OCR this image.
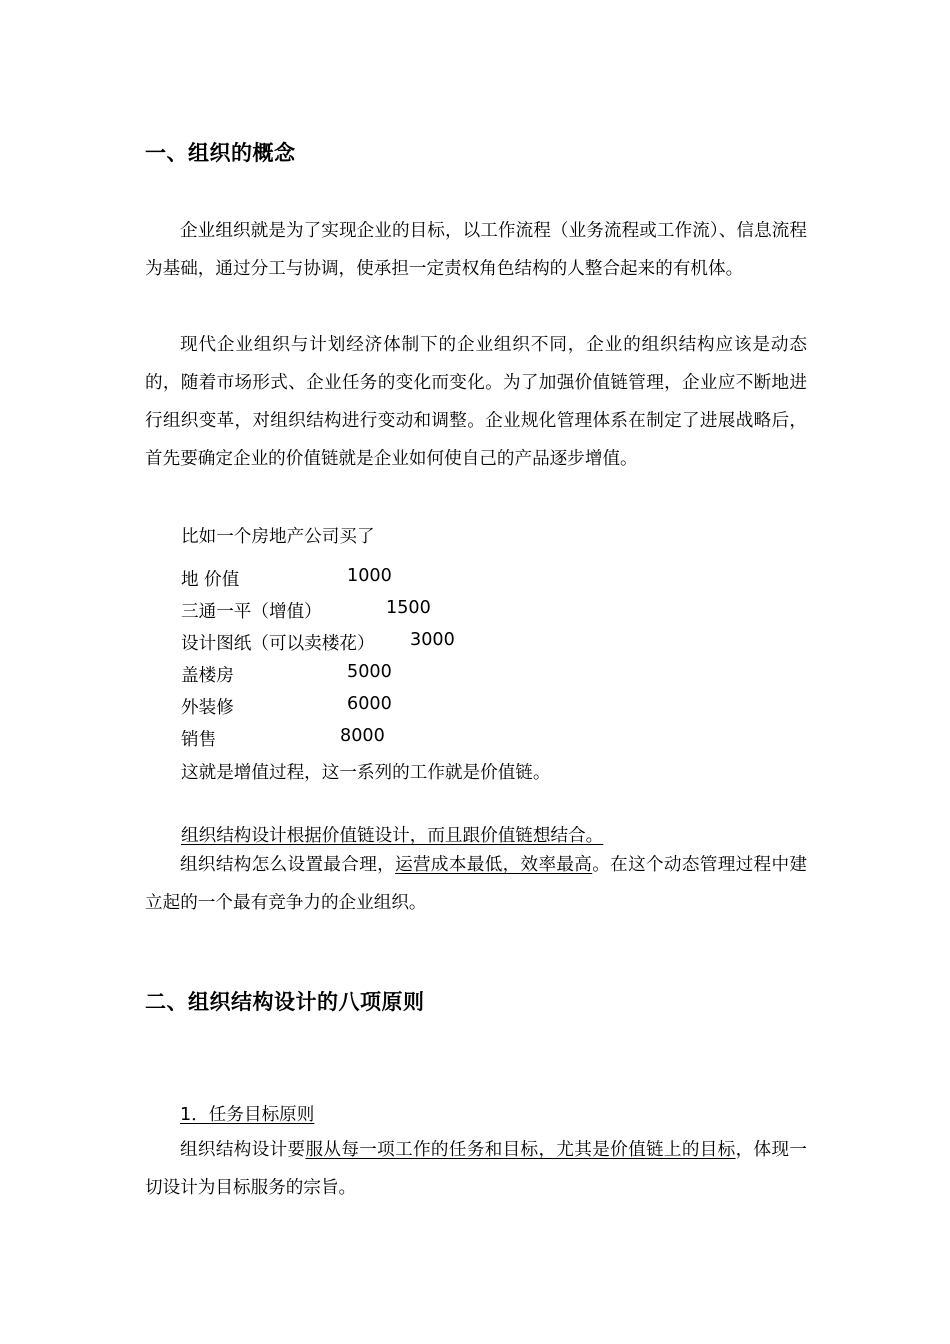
一、组织的概念

企业组织就是为了实现企业的目标，以工作流程（业务流程或工作流）、信息流程为基础，通过分工与协调，使承担一定责权角色结构的人整合起来的有机体。

现代企业组织与计划经济体制下的企业组织不同，企业的组织结构应该是动态的，随着市场形式、企业任务的变化而变化。为了加强价值链管理，企业应不断地进行组织变革，对组织结构进行变动和调整。企业规化管理体系在制定了进展战略后，首先要确定企业的价值链就是企业如何使自己的产品逐步增值。

比如一个房地产公司买了
地 价值	1000
三通一平（增值）	1500
设计图纸（可以卖楼花） 3000
盖楼房	5000
外装修	6000
销售	8000
这就是增值过程，这一系列的工作就是价值链。
组织结构设计根据价值链设计，而且跟价值链想结合。

组织结构怎么设置最合理，运营成本最低，效率最高。在这个动态管理过程中建立起的一个最有竞争力的企业组织。

二、组织结构设计的八项原则
1．任务目标原则

组织结构设计要服从每一项工作的任务和目标，尤其是价值链上的目标，体现一切设计为目标服务的宗旨。
